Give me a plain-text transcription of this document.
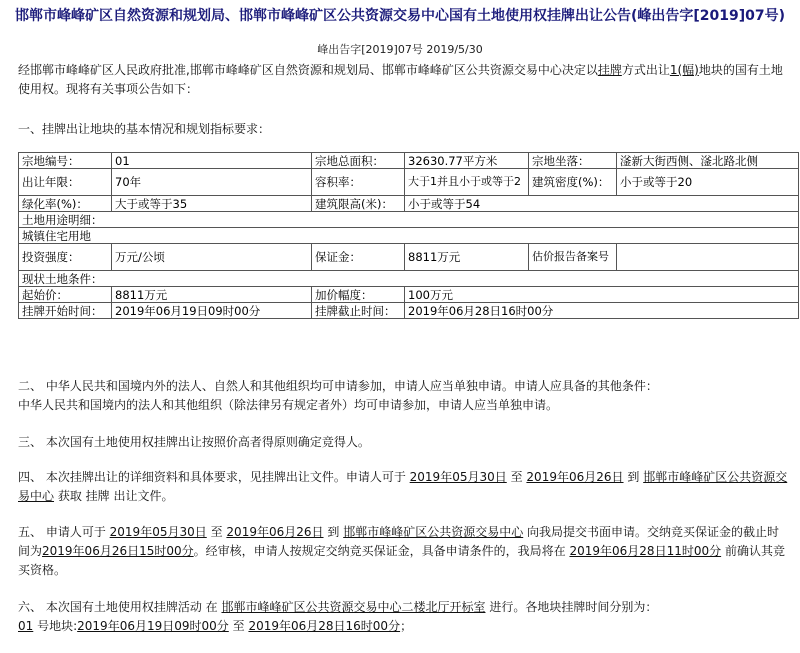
邯郸市峰峰矿区自然资源和规划局、邯郸市峰峰矿区公共资源交易中心国有土地使用权挂牌出让公告(峰出告字[2019]07号)
峰出告字[2019]07号 2019/5/30
经邯郸市峰峰矿区人民政府批准,邯郸市峰峰矿区自然资源和规划局、邯郸市峰峰矿区公共资源交易中心决定以挂牌方式出让1(幅)地块的国有土地使用权。现将有关事项公告如下：
一、挂牌出让地块的基本情况和规划指标要求：
宗地编号：	01	宗地总面积：	32630.77平方米	宗地坐落：	滏新大街西侧、滏北路北侧
出让年限：	70年	容积率：	大于1并且小于或等于2	建筑密度(%)：	小于或等于20
绿化率(%)：	大于或等于35	建筑限高(米)：	小于或等于54		
土地用途明细：					
城镇住宅用地					
投资强度：	万元/公顷	保证金：	8811万元	估价报告备案号	
现状土地条件：					
起始价：	8811万元	加价幅度：	100万元		
挂牌开始时间：	2019年06月19日09时00分	挂牌截止时间：	2019年06月28日16时00分		
二、 中华人民共和国境内外的法人、自然人和其他组织均可申请参加，申请人应当单独申请。申请人应具备的其他条件：
中华人民共和国境内的法人和其他组织（除法律另有规定者外）均可申请参加，申请人应当单独申请。
三、 本次国有土地使用权挂牌出让按照价高者得原则确定竞得人。
四、 本次挂牌出让的详细资料和具体要求，见挂牌出让文件。申请人可于 2019年05月30日 至 2019年06月26日 到 邯郸市峰峰矿区公共资源交易中心 获取 挂牌 出让文件。
五、 申请人可于 2019年05月30日 至 2019年06月26日 到 邯郸市峰峰矿区公共资源交易中心 向我局提交书面申请。交纳竞买保证金的截止时间为2019年06月26日15时00分。经审核，申请人按规定交纳竞买保证金，具备申请条件的，我局将在 2019年06月28日11时00分 前确认其竞买资格。
六、 本次国有土地使用权挂牌活动 在 邯郸市峰峰矿区公共资源交易中心二楼北厅开标室 进行。各地块挂牌时间分别为：
01 号地块:2019年06月19日09时00分 至 2019年06月28日16时00分；
